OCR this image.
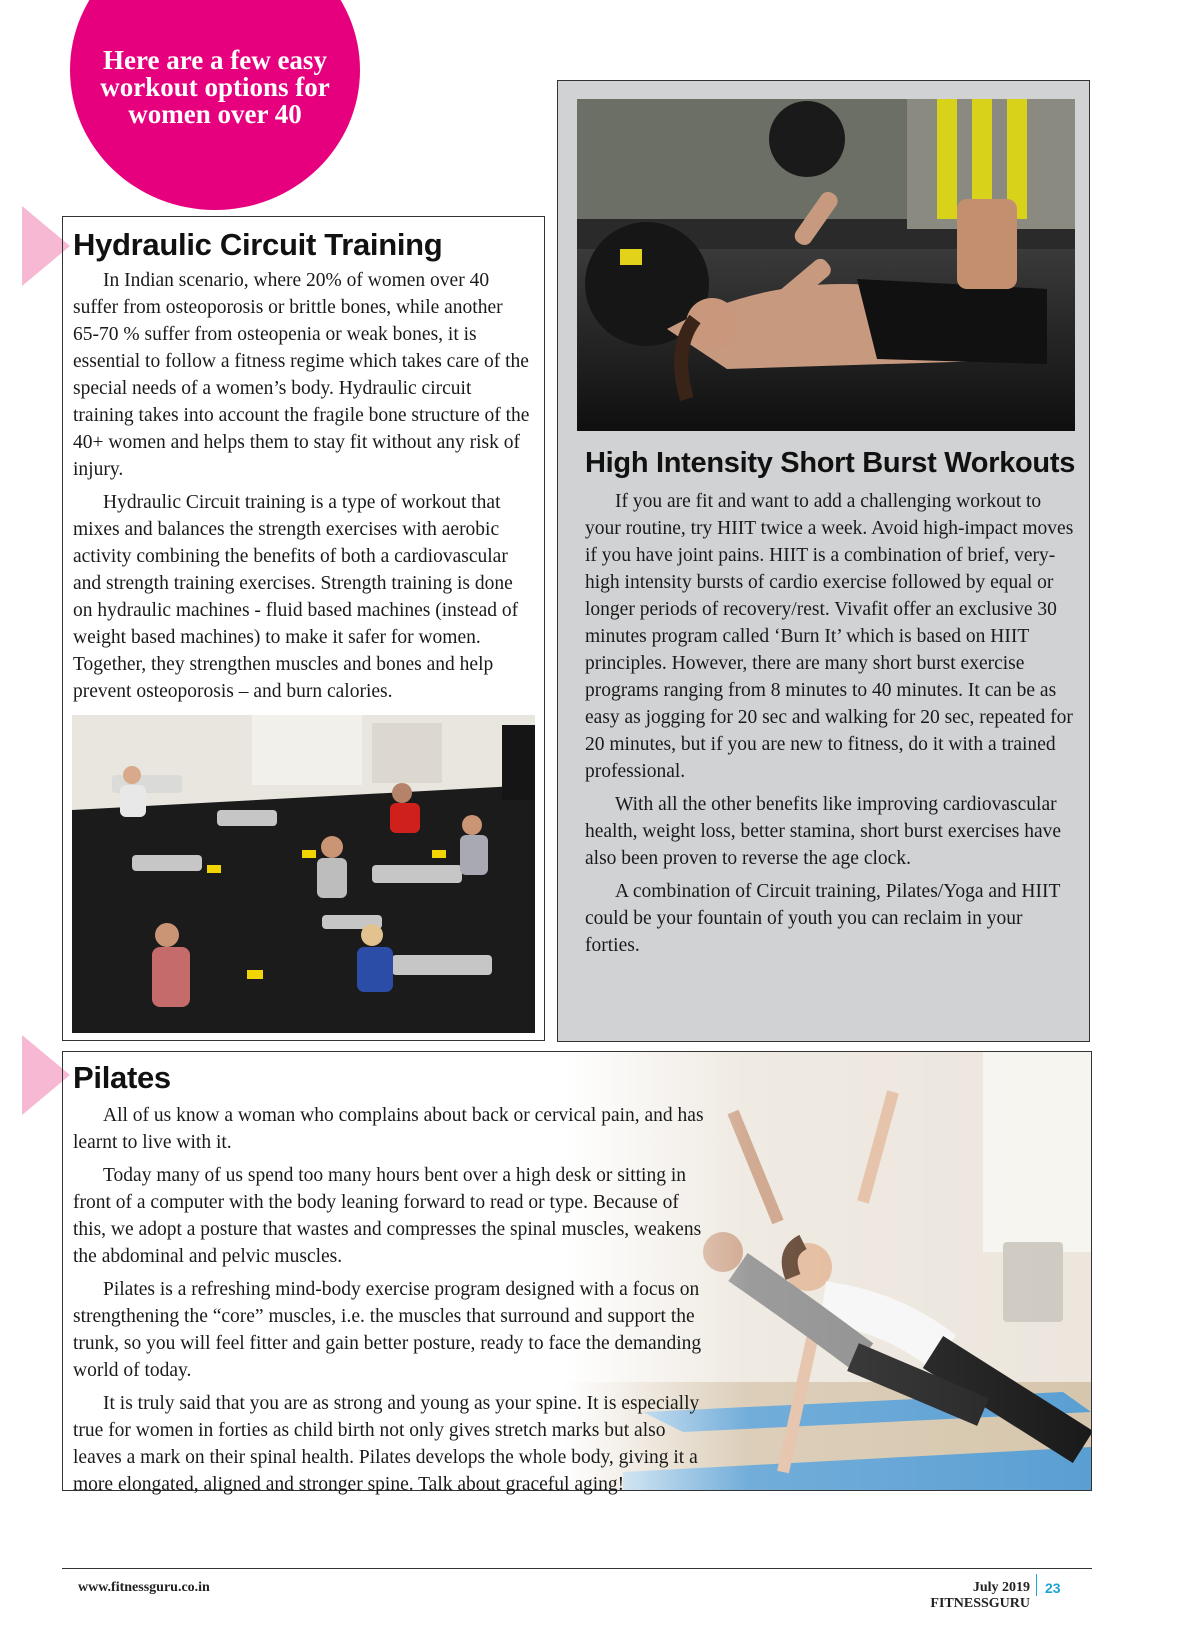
Here are a few easy workout options for women over 40
Hydraulic Circuit Training

In Indian scenario, where 20% of women over 40 suffer from osteoporosis or brittle bones, while another 65-70 % suffer from osteopenia or weak bones, it is essential to follow a fitness regime which takes care of the special needs of a women’s body. Hydraulic circuit training takes into account the fragile bone structure of the 40+ women and helps them to stay fit without any risk of injury.

Hydraulic Circuit training is a type of workout that mixes and balances the strength exercises with aerobic activity combining the benefits of both a cardiovascular and strength training exercises. Strength training is done on hydraulic machines - fluid based machines (instead of weight based machines) to make it safer for women. Together, they strengthen muscles and bones and help prevent osteoporosis – and burn calories.

High Intensity Short Burst Workouts

If you are fit and want to add a challenging workout to your routine, try HIIT twice a week. Avoid high-impact moves if you have joint pains. HIIT is a combination of brief, very-high intensity bursts of cardio exercise followed by equal or longer periods of recovery/rest. Vivafit offer an exclusive 30 minutes program called ‘Burn It’ which is based on HIIT principles. However, there are many short burst exercise programs ranging from 8 minutes to 40 minutes. It can be as easy as jogging for 20 sec and walking for 20 sec, repeated for 20 minutes, but if you are new to fitness, do it with a trained professional.

With all the other benefits like improving cardiovascular health, weight loss, better stamina, short burst exercises have also been proven to reverse the age clock.

A combination of Circuit training, Pilates/Yoga and HIIT could be your fountain of youth you can reclaim in your forties.

Pilates

All of us know a woman who complains about back or cervical pain, and has learnt to live with it.

Today many of us spend too many hours bent over a high desk or sitting in front of a computer with the body leaning forward to read or type. Because of this, we adopt a posture that wastes and compresses the spinal muscles, weakens the abdominal and pelvic muscles.

Pilates is a refreshing mind-body exercise program designed with a focus on strengthening the “core” muscles, i.e. the muscles that surround and support the trunk, so you will feel fitter and gain better posture, ready to face the demanding world of today.

It is truly said that you are as strong and young as your spine. It is especially true for women in forties as child birth not only gives stretch marks but also leaves a mark on their spinal health. Pilates develops the whole body, giving it a more elongated, aligned and stronger spine. Talk about graceful aging!

www.fitnessguru.co.in	July 2019 FITNESSGURU
23
